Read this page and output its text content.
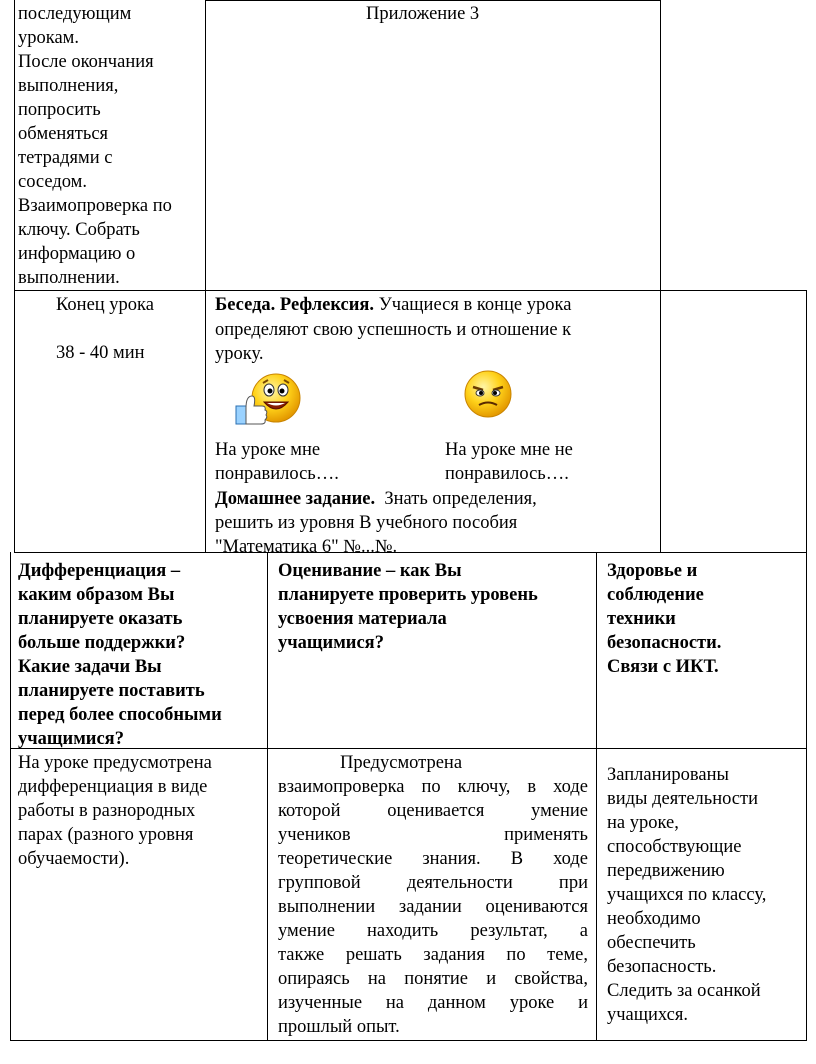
последующим
урокам.
После окончания
выполнения,
попросить
обменяться
тетрадями с
соседом.
Взаимопроверка по
ключу. Собрать
информацию о
выполнении.
Приложение 3
Конец урока
38 - 40 мин
Беседа. Рефлексия. Учащиеся в конце урока
определяют свою успешность и отношение к
уроку.
На уроке мне
понравилось….
На уроке мне не
понравилось….
Домашнее задание. Знать определения,
решить из уровня В учебного пособия
"Математика 6" №...№.
Дифференциация –
каким образом Вы
планируете оказать
больше поддержки?
Какие задачи Вы
планируете поставить
перед более способными
учащимися?
Оценивание – как Вы
планируете проверить уровень
усвоения материала
учащимися?
Здоровье и
соблюдение
техники
безопасности.
Связи с ИКТ.
На уроке предусмотрена
дифференциация в виде
работы в разнородных
парах (разного уровня
обучаемости).
Предусмотрена
взаимопроверка по ключу, в ходе
которой оценивается умение
учеников применять
теоретические знания. В ходе
групповой деятельности при
выполнении задании оцениваются
умение находить результат, а
также решать задания по теме,
опираясь на понятие и свойства,
изученные на данном уроке и
прошлый опыт.
Запланированы
виды деятельности
на уроке,
способствующие
передвижению
учащихся по классу,
необходимо
обеспечить
безопасность.
Следить за осанкой
учащихся.
